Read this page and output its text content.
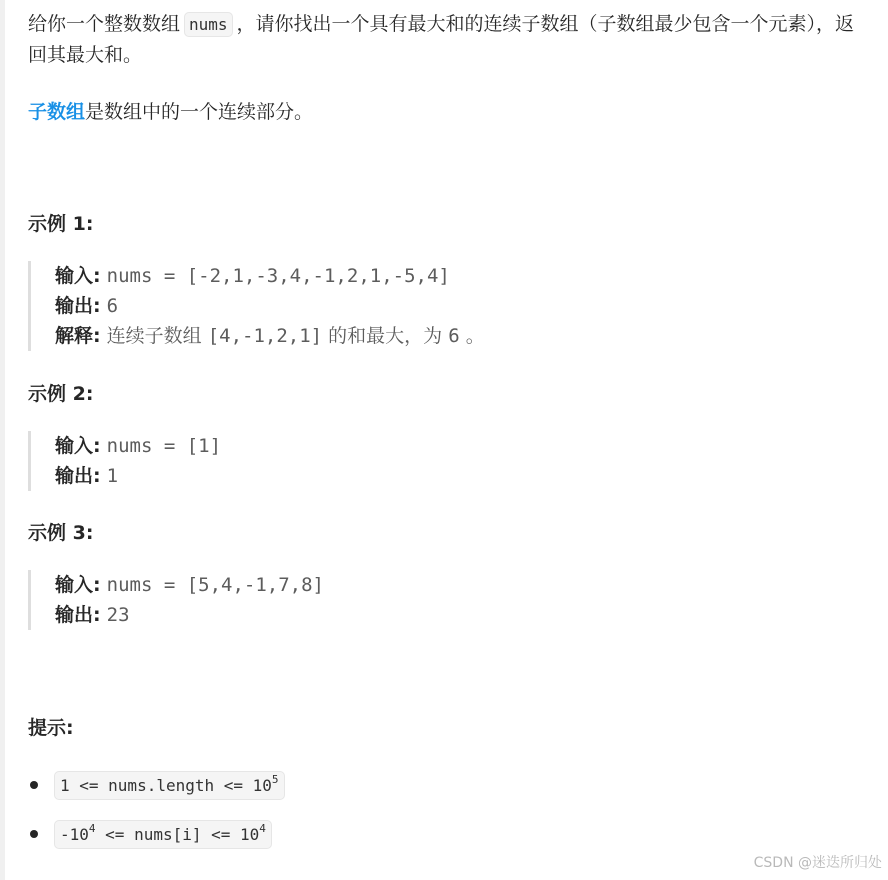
给你一个整数数组 nums ，请你找出一个具有最大和的连续子数组（子数组最少包含一个元素），返回其最大和。

子数组是数组中的一个连续部分。

示例 1:

输入: nums = [-2,1,-3,4,-1,2,1,-5,4]
输出: 6
解释: 连续子数组 [4,-1,2,1] 的和最大，为 6 。

示例 2:

输入: nums = [1]
输出: 1

示例 3:

输入: nums = [5,4,-1,7,8]
输出: 23

提示:

1 <= nums.length <= $10^5$
$-10^4$ <= nums[i] <= $10^4$
CSDN @迷迭所归处
